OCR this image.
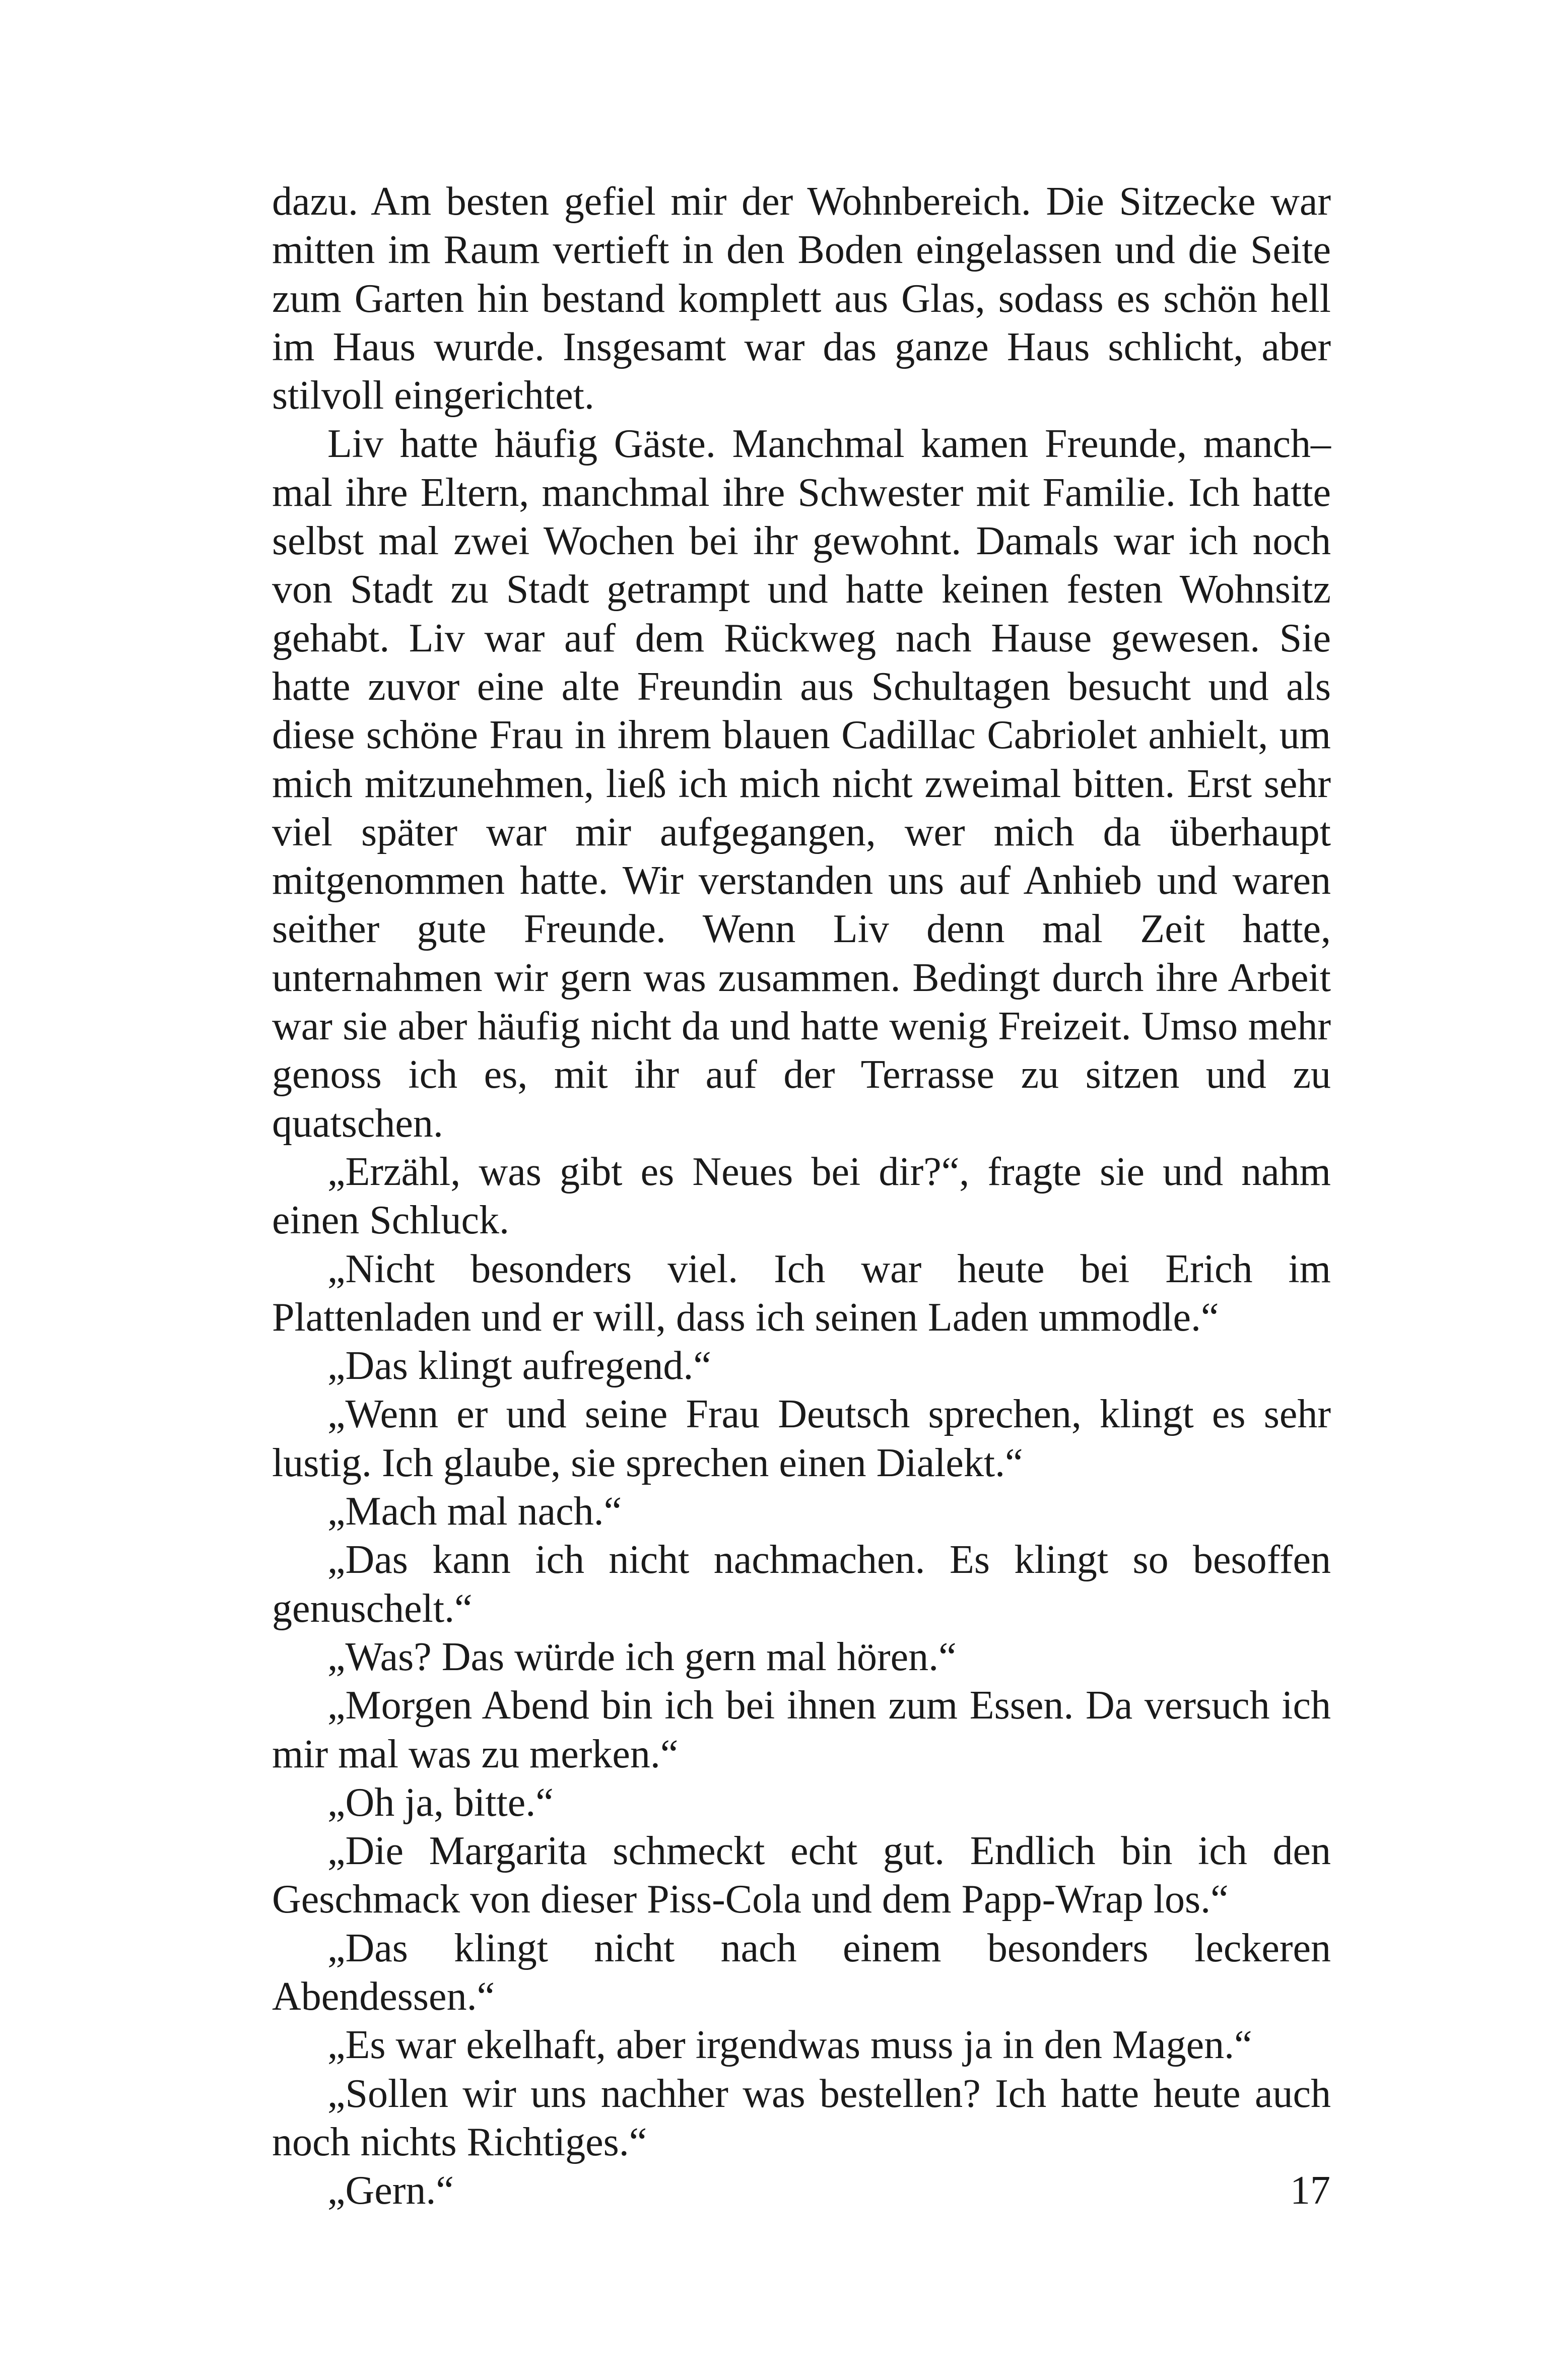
dazu. Am besten gefiel mir der Wohnbereich. Die Sitzecke war mitten im Raum vertieft in den Boden eingelassen und die Seite zum Garten hin bestand komplett aus Glas, sodass es schön hell im Haus wurde. Insgesamt war das ganze Haus schlicht, aber stilvoll eingerichtet.

Liv hatte häufig Gäste. Manchmal kamen Freunde, manch–mal ihre Eltern, manchmal ihre Schwester mit Familie. Ich hatte selbst mal zwei Wochen bei ihr gewohnt. Damals war ich noch von Stadt zu Stadt getrampt und hatte keinen festen Wohnsitz gehabt. Liv war auf dem Rückweg nach Hause gewesen. Sie hatte zuvor eine alte Freundin aus Schultagen besucht und als diese schöne Frau in ihrem blauen Cadillac Cabriolet anhielt, um mich mitzunehmen, ließ ich mich nicht zweimal bitten. Erst sehr viel später war mir aufgegangen, wer mich da überhaupt mitgenommen hatte. Wir verstanden uns auf Anhieb und waren seither gute Freunde. Wenn Liv denn mal Zeit hatte, unternahmen wir gern was zusammen. Bedingt durch ihre Arbeit war sie aber häufig nicht da und hatte wenig Freizeit. Umso mehr genoss ich es, mit ihr auf der Terrasse zu sitzen und zu quatschen.

„Erzähl, was gibt es Neues bei dir?“, fragte sie und nahm einen Schluck.

„Nicht besonders viel. Ich war heute bei Erich im Plattenladen und er will, dass ich seinen Laden ummodle.“

„Das klingt aufregend.“

„Wenn er und seine Frau Deutsch sprechen, klingt es sehr lustig. Ich glaube, sie sprechen einen Dialekt.“

„Mach mal nach.“

„Das kann ich nicht nachmachen. Es klingt so besoffen genuschelt.“

„Was? Das würde ich gern mal hören.“

„Morgen Abend bin ich bei ihnen zum Essen. Da versuch ich mir mal was zu merken.“

„Oh ja, bitte.“

„Die Margarita schmeckt echt gut. Endlich bin ich den Geschmack von dieser Piss-Cola und dem Papp-Wrap los.“

„Das klingt nicht nach einem besonders leckeren Abendessen.“

„Es war ekelhaft, aber irgendwas muss ja in den Magen.“

„Sollen wir uns nachher was bestellen? Ich hatte heute auch noch nichts Richtiges.“

„Gern.“	17
